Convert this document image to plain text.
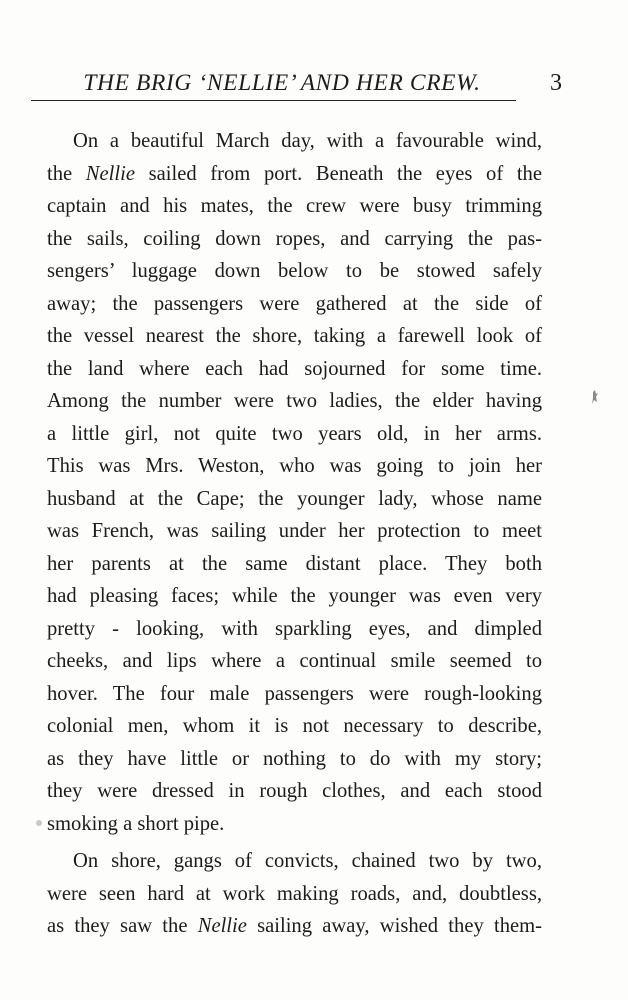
THE BRIG ‘NELLIE’ AND HER CREW.	3
On a beautiful March day, with a favourable wind,
the Nellie sailed from port. Beneath the eyes of the
captain and his mates, the crew were busy trimming
the sails, coiling down ropes, and carrying the pas-
sengers’ luggage down below to be stowed safely
away; the passengers were gathered at the side of
the vessel nearest the shore, taking a farewell look of
the land where each had sojourned for some time.
Among the number were two ladies, the elder having
a little girl, not quite two years old, in her arms.
This was Mrs. Weston, who was going to join her
husband at the Cape; the younger lady, whose name
was French, was sailing under her protection to meet
her parents at the same distant place. They both
had pleasing faces; while the younger was even very
pretty - looking, with sparkling eyes, and dimpled
cheeks, and lips where a continual smile seemed to
hover. The four male passengers were rough-looking
colonial men, whom it is not necessary to describe,
as they have little or nothing to do with my story;
they were dressed in rough clothes, and each stood
smoking a short pipe.
On shore, gangs of convicts, chained two by two,
were seen hard at work making roads, and, doubtless,
as they saw the Nellie sailing away, wished they them-
